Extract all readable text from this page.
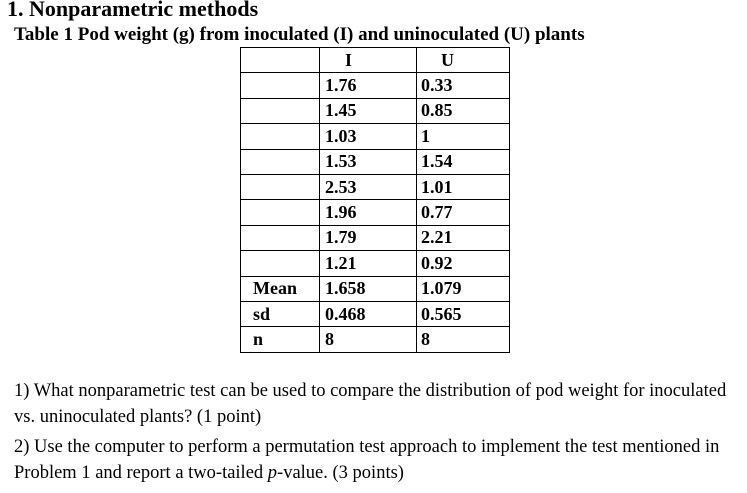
1. Nonparametric methods
Table 1 Pod weight (g) from inoculated (I) and uninoculated (U) plants
	I	U
	1.76	0.33
	1.45	0.85
	1.03	1
	1.53	1.54
	2.53	1.01
	1.96	0.77
	1.79	2.21
	1.21	0.92
Mean	1.658	1.079
sd	0.468	0.565
n	8	8

1) What nonparametric test can be used to compare the distribution of pod weight for inoculated vs. uninoculated plants? (1 point)

2) Use the computer to perform a permutation test approach to implement the test mentioned in Problem 1 and report a two-tailed p-value. (3 points)
